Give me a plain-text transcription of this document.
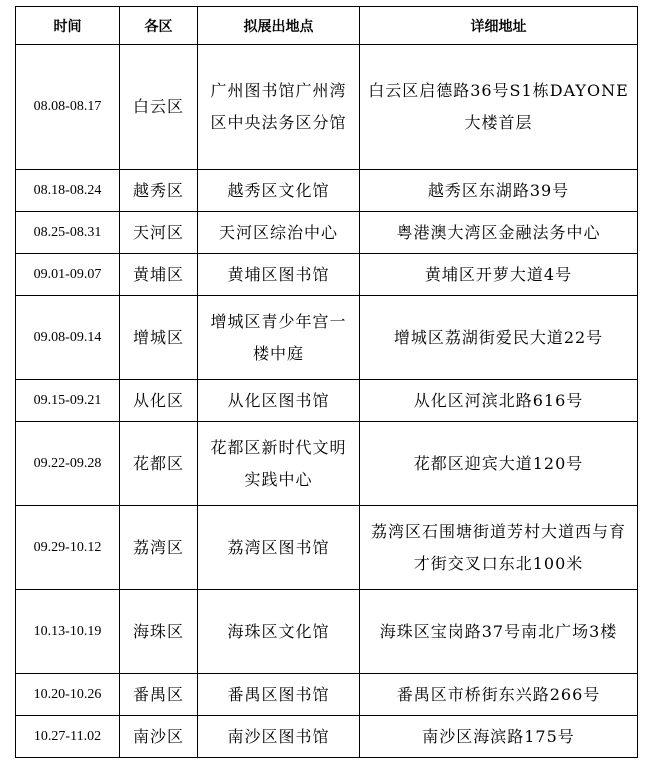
时间	各区	拟展出地点	详细地址
08.08-08.17	白云区	广州图书馆广州湾区中央法务区分馆	白云区启德路36号S1栋DAYONE大楼首层
08.18-08.24	越秀区	越秀区文化馆	越秀区东湖路39号
08.25-08.31	天河区	天河区综治中心	粤港澳大湾区金融法务中心
09.01-09.07	黄埔区	黄埔区图书馆	黄埔区开萝大道4号
09.08-09.14	增城区	增城区青少年宫一楼中庭	增城区荔湖街爱民大道22号
09.15-09.21	从化区	从化区图书馆	从化区河滨北路616号
09.22-09.28	花都区	花都区新时代文明实践中心	花都区迎宾大道120号
09.29-10.12	荔湾区	荔湾区图书馆	荔湾区石围塘街道芳村大道西与育才街交叉口东北100米
10.13-10.19	海珠区	海珠区文化馆	海珠区宝岗路37号南北广场3楼
10.20-10.26	番禺区	番禺区图书馆	番禺区市桥街东兴路266号
10.27-11.02	南沙区	南沙区图书馆	南沙区海滨路175号
